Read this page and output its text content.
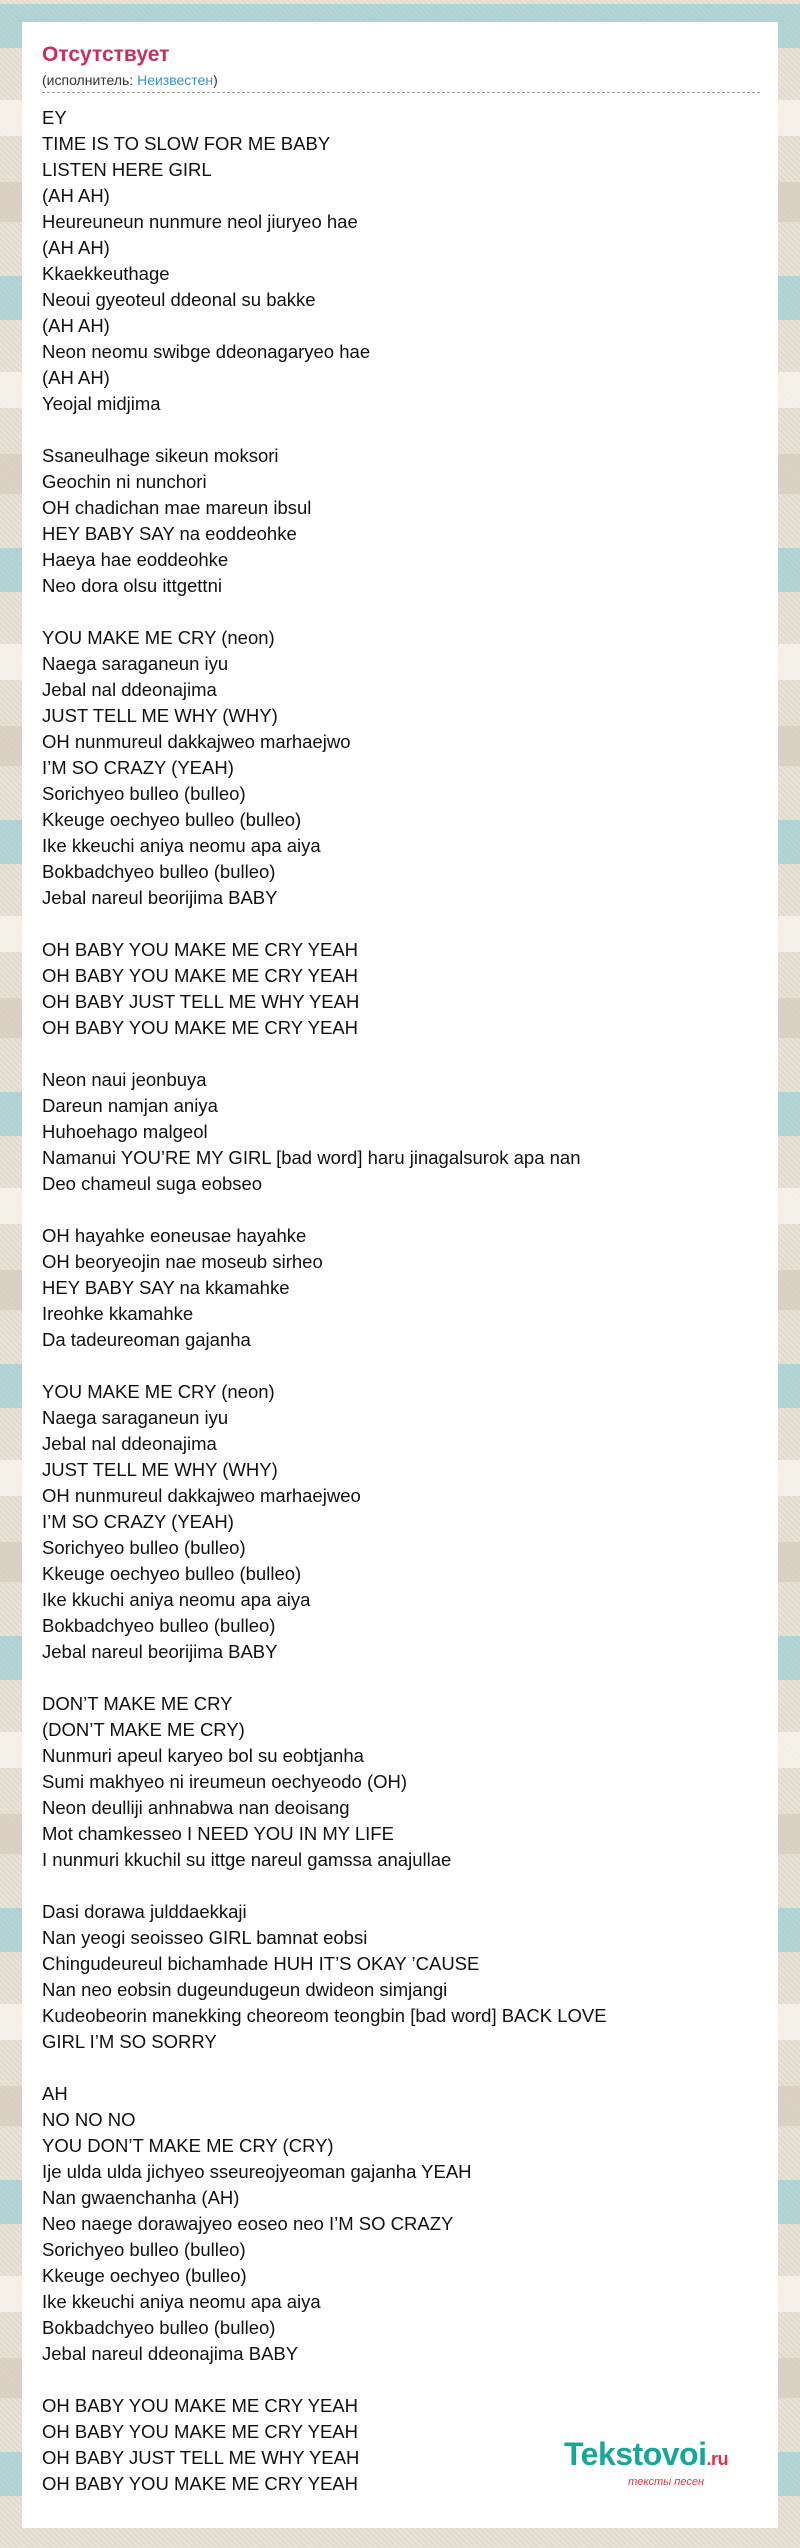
Отсутствует
(исполнитель: Неизвестен)
EY
TIME IS TO SLOW FOR ME BABY
LISTEN HERE GIRL
(AH AH)
Heureuneun nunmure neol jiuryeo hae
(AH AH)
Kkaekkeuthage
Neoui gyeoteul ddeonal su bakke
(AH AH)
Neon neomu swibge ddeonagaryeo hae
(AH AH)
Yeojal midjima
Ssaneulhage sikeun moksori
Geochin ni nunchori
OH chadichan mae mareun ibsul
HEY BABY SAY na eoddeohke
Haeya hae eoddeohke
Neo dora olsu ittgettni
YOU MAKE ME CRY (neon)
Naega saraganeun iyu
Jebal nal ddeonajima
JUST TELL ME WHY (WHY)
OH nunmureul dakkajweo marhaejwo
I’M SO CRAZY (YEAH)
Sorichyeo bulleo (bulleo)
Kkeuge oechyeo bulleo (bulleo)
Ike kkeuchi aniya neomu apa aiya
Bokbadchyeo bulleo (bulleo)
Jebal nareul beorijima BABY
OH BABY YOU MAKE ME CRY YEAH
OH BABY YOU MAKE ME CRY YEAH
OH BABY JUST TELL ME WHY YEAH
OH BABY YOU MAKE ME CRY YEAH
Neon naui jeonbuya
Dareun namjan aniya
Huhoehago malgeol
Namanui YOU’RE MY GIRL [bad word] haru jinagalsurok apa nan
Deo chameul suga eobseo
OH hayahke eoneusae hayahke
OH beoryeojin nae moseub sirheo
HEY BABY SAY na kkamahke
Ireohke kkamahke
Da tadeureoman gajanha
YOU MAKE ME CRY (neon)
Naega saraganeun iyu
Jebal nal ddeonajima
JUST TELL ME WHY (WHY)
OH nunmureul dakkajweo marhaejweo
I’M SO CRAZY (YEAH)
Sorichyeo bulleo (bulleo)
Kkeuge oechyeo bulleo (bulleo)
Ike kkuchi aniya neomu apa aiya
Bokbadchyeo bulleo (bulleo)
Jebal nareul beorijima BABY
DON’T MAKE ME CRY
(DON’T MAKE ME CRY)
Nunmuri apeul karyeo bol su eobtjanha
Sumi makhyeo ni ireumeun oechyeodo (OH)
Neon deulliji anhnabwa nan deoisang
Mot chamkesseo I NEED YOU IN MY LIFE
I nunmuri kkuchil su ittge nareul gamssa anajullae
Dasi dorawa julddaekkaji
Nan yeogi seoisseo GIRL bamnat eobsi
Chingudeureul bichamhade HUH IT’S OKAY ’CAUSE
Nan neo eobsin dugeundugeun dwideon simjangi
Kudeobeorin manekking cheoreom teongbin [bad word] BACK LOVE
GIRL I’M SO SORRY
AH
NO NO NO
YOU DON’T MAKE ME CRY (CRY)
Ije ulda ulda jichyeo sseureojyeoman gajanha YEAH
Nan gwaenchanha (AH)
Neo naege dorawajyeo eoseo neo I’M SO CRAZY
Sorichyeo bulleo (bulleo)
Kkeuge oechyeo (bulleo)
Ike kkeuchi aniya neomu apa aiya
Bokbadchyeo bulleo (bulleo)
Jebal nareul ddeonajima BABY
OH BABY YOU MAKE ME CRY YEAH
OH BABY YOU MAKE ME CRY YEAH
OH BABY JUST TELL ME WHY YEAH
OH BABY YOU MAKE ME CRY YEAH
Tekstovoi.ru
тексты песен
